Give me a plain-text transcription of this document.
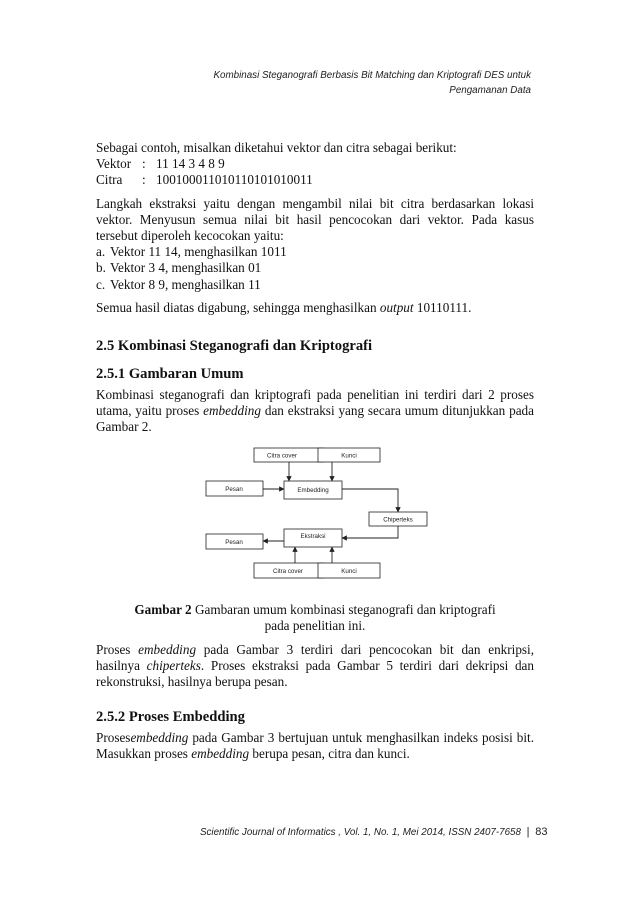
Kombinasi Steganografi Berbasis Bit Matching dan Kriptografi DES untuk
Pengamanan Data

Sebagai contoh, misalkan diketahui vektor dan citra sebagai berikut:

Vektor : 11 14 3 4 8 9
Citra	: 1001000110101101010100​11

Langkah ekstraksi yaitu dengan mengambil nilai bit citra berdasarkan lokasi vektor. Menyusun semua nilai bit hasil pencocokan dari vektor. Pada kasus tersebut diperoleh kecocokan yaitu:

a. Vektor 11 14, menghasilkan 1011
b. Vektor 3 4, menghasilkan 01
c. Vektor 8 9, menghasilkan 11

Semua hasil diatas digabung, sehingga menghasilkan output 10110111.

2.5 Kombinasi Steganografi dan Kriptografi
2.5.1 Gambaran Umum

Kombinasi steganografi dan kriptografi pada penelitian ini terdiri dari 2 proses utama, yaitu proses embedding dan ekstraksi yang secara umum ditunjukkan pada Gambar 2.

Citra cover	Kunci
Pesan	Embedding
Chiperteks
Ekstraksi
Pesan
Citra cover	Kunci
Gambar 2 Gambaran umum kombinasi steganografi dan kriptografi
pada penelitian ini.

Proses embedding pada Gambar 3 terdiri dari pencocokan bit dan enkripsi, hasilnya chiperteks. Proses ekstraksi pada Gambar 5 terdiri dari dekripsi dan rekonstruksi, hasilnya berupa pesan.

2.5.2 Proses Embedding

Prosesembedding pada Gambar 3 bertujuan untuk menghasilkan indeks posisi bit. Masukkan proses embedding berupa pesan, citra dan kunci.

Scientific Journal of Informatics , Vol. 1, No. 1, Mei 2014, ISSN 2407-7658 | 83
